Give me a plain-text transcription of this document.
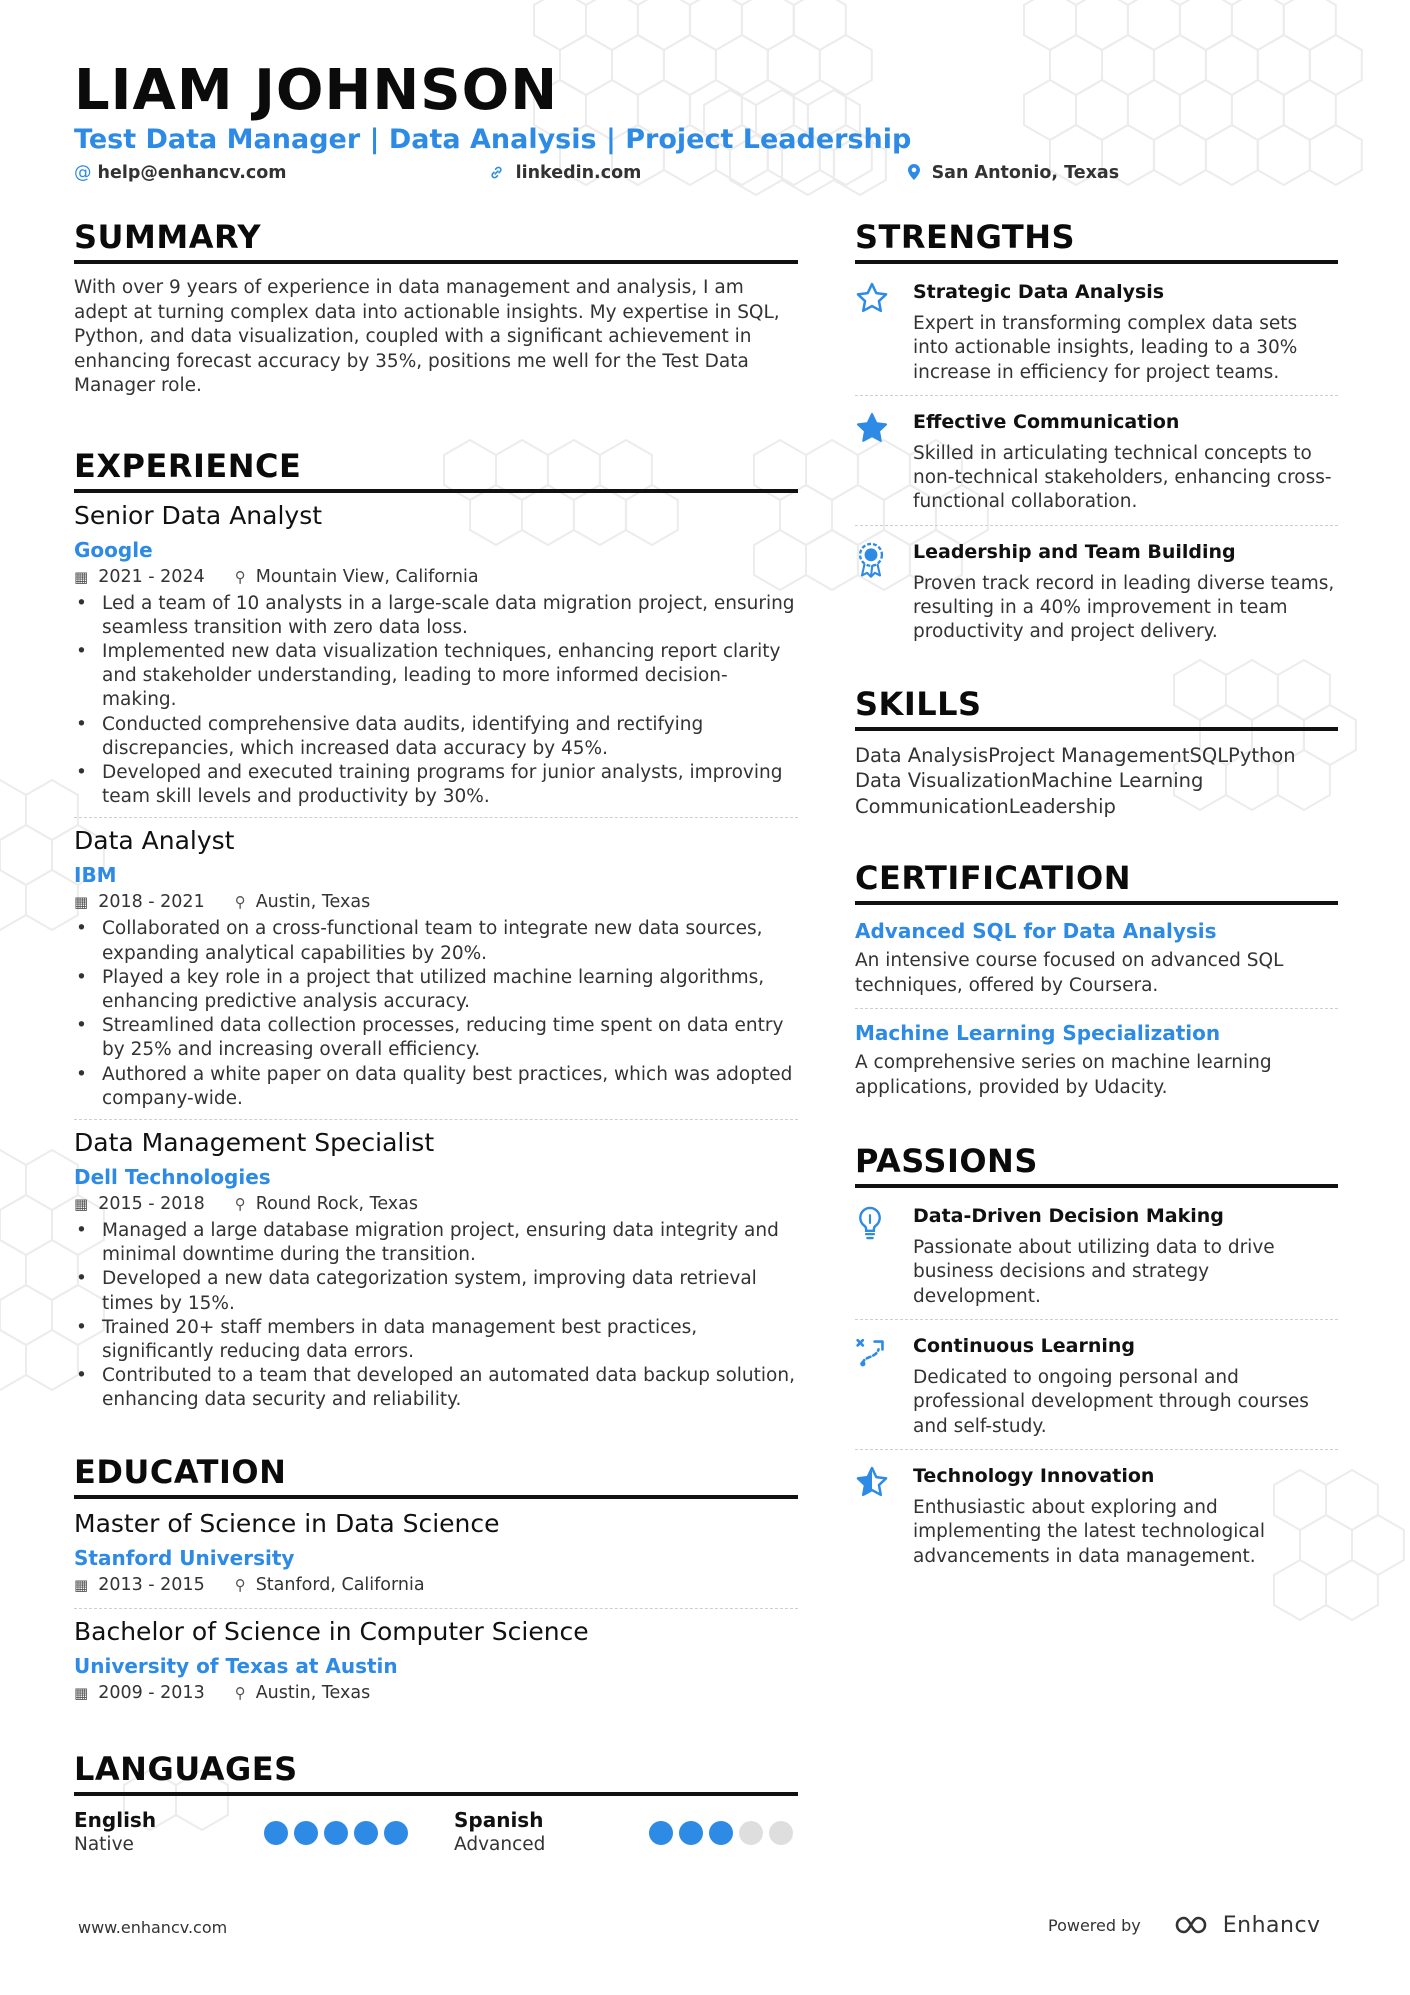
LIAM JOHNSON
Test Data Manager | Data Analysis | Project Leadership
@ help@enhancv.com	linkedin.com	San Antonio, Texas
SUMMARY
With over 9 years of experience in data management and analysis, I am adept at turning complex data into actionable insights. My expertise in SQL, Python, and data visualization, coupled with a significant achievement in enhancing forecast accuracy by 35%, positions me well for the Test Data Manager role.
EXPERIENCE
Senior Data Analyst
Google
▦ 2021 - 2024 ⚲ Mountain View, California
• Led a team of 10 analysts in a large-scale data migration project, ensuring seamless transition with zero data loss.
• Implemented new data visualization techniques, enhancing report clarity and stakeholder understanding, leading to more informed decision-making.
• Conducted comprehensive data audits, identifying and rectifying discrepancies, which increased data accuracy by 45%.
• Developed and executed training programs for junior analysts, improving team skill levels and productivity by 30%.
Data Analyst
IBM
▦ 2018 - 2021 ⚲ Austin, Texas
• Collaborated on a cross-functional team to integrate new data sources, expanding analytical capabilities by 20%.
• Played a key role in a project that utilized machine learning algorithms, enhancing predictive analysis accuracy.
• Streamlined data collection processes, reducing time spent on data entry by 25% and increasing overall efficiency.
• Authored a white paper on data quality best practices, which was adopted company-wide.
Data Management Specialist
Dell Technologies
▦ 2015 - 2018 ⚲ Round Rock, Texas
• Managed a large database migration project, ensuring data integrity and minimal downtime during the transition.
• Developed a new data categorization system, improving data retrieval times by 15%.
• Trained 20+ staff members in data management best practices, significantly reducing data errors.
• Contributed to a team that developed an automated data backup solution, enhancing data security and reliability.
EDUCATION
Master of Science in Data Science
Stanford University
▦ 2013 - 2015 ⚲ Stanford, California
Bachelor of Science in Computer Science
University of Texas at Austin
▦ 2009 - 2013 ⚲ Austin, Texas
LANGUAGES
English
Native
Spanish
Advanced
STRENGTHS
Strategic Data Analysis
Expert in transforming complex data sets into actionable insights, leading to a 30% increase in efficiency for project teams.
Effective Communication
Skilled in articulating technical concepts to non-technical stakeholders, enhancing cross-functional collaboration.
Leadership and Team Building
Proven track record in leading diverse teams, resulting in a 40% improvement in team productivity and project delivery.
SKILLS
Data AnalysisProject ManagementSQLPython
Data VisualizationMachine Learning
CommunicationLeadership
CERTIFICATION
Advanced SQL for Data Analysis
An intensive course focused on advanced SQL techniques, offered by Coursera.
Machine Learning Specialization
A comprehensive series on machine learning applications, provided by Udacity.
PASSIONS
Data-Driven Decision Making
Passionate about utilizing data to drive business decisions and strategy development.
Continuous Learning
Dedicated to ongoing personal and professional development through courses and self-study.
Technology Innovation
Enthusiastic about exploring and implementing the latest technological advancements in data management.
www.enhancv.com	Powered by	Enhancv
